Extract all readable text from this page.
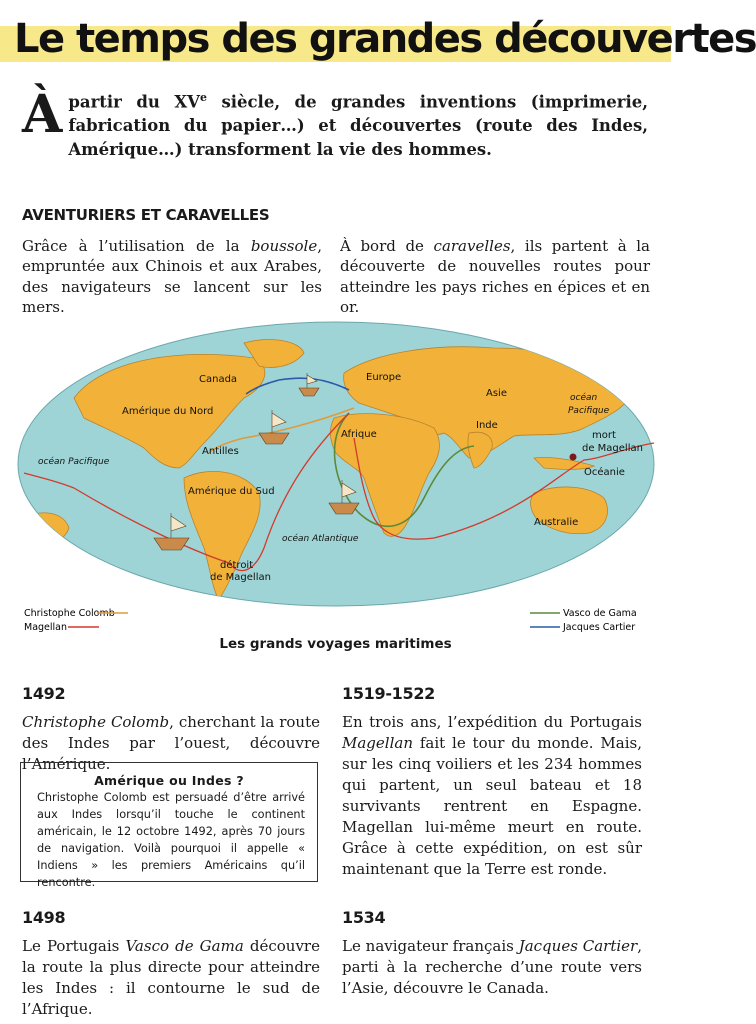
Le temps des grandes découvertes
À partir du XVe siècle, de grandes inventions (imprimerie, fabrication du papier…) et découvertes (route des Indes, Amérique…) transforment la vie des hommes.
AVENTURIERS ET CARAVELLES
Grâce à l’utilisation de la boussole, empruntée aux Chinois et aux Arabes, des navigateurs se lancent sur les mers.
À bord de caravelles, ils partent à la découverte de nouvelles routes pour atteindre les pays riches en épices et en or.
Canada	Europe
Asie
Amérique du Nord
Afrique
Inde
Antilles
Amérique du Sud
océan Pacifique
océan
Pacifique
mort
de Magellan
Océanie
Australie
océan Atlantique
détroit
de Magellan
Christophe Colomb
Magellan
Vasco de Gama
Jacques Cartier
Les grands voyages maritimes
1492
Christophe Colomb, cherchant la route des Indes par l’ouest, découvre l’Amérique.
Amérique ou Indes ?
Christophe Colomb est persuadé d’être arrivé aux Indes lorsqu’il touche le continent américain, le 12 octobre 1492, après 70 jours de navigation. Voilà pourquoi il appelle « Indiens » les premiers Américains qu’il rencontre.
1498
Le Portugais Vasco de Gama découvre la route la plus directe pour atteindre les Indes : il contourne le sud de l’Afrique.
1519-1522
En trois ans, l’expédition du Portugais Magellan fait le tour du monde. Mais, sur les cinq voiliers et les 234 hommes qui partent, un seul bateau et 18 survivants rentrent en Espagne. Magellan lui-même meurt en route. Grâce à cette expédition, on est sûr maintenant que la Terre est ronde.
1534
Le navigateur français Jacques Cartier, parti à la recherche d’une route vers l’Asie, découvre le Canada.
